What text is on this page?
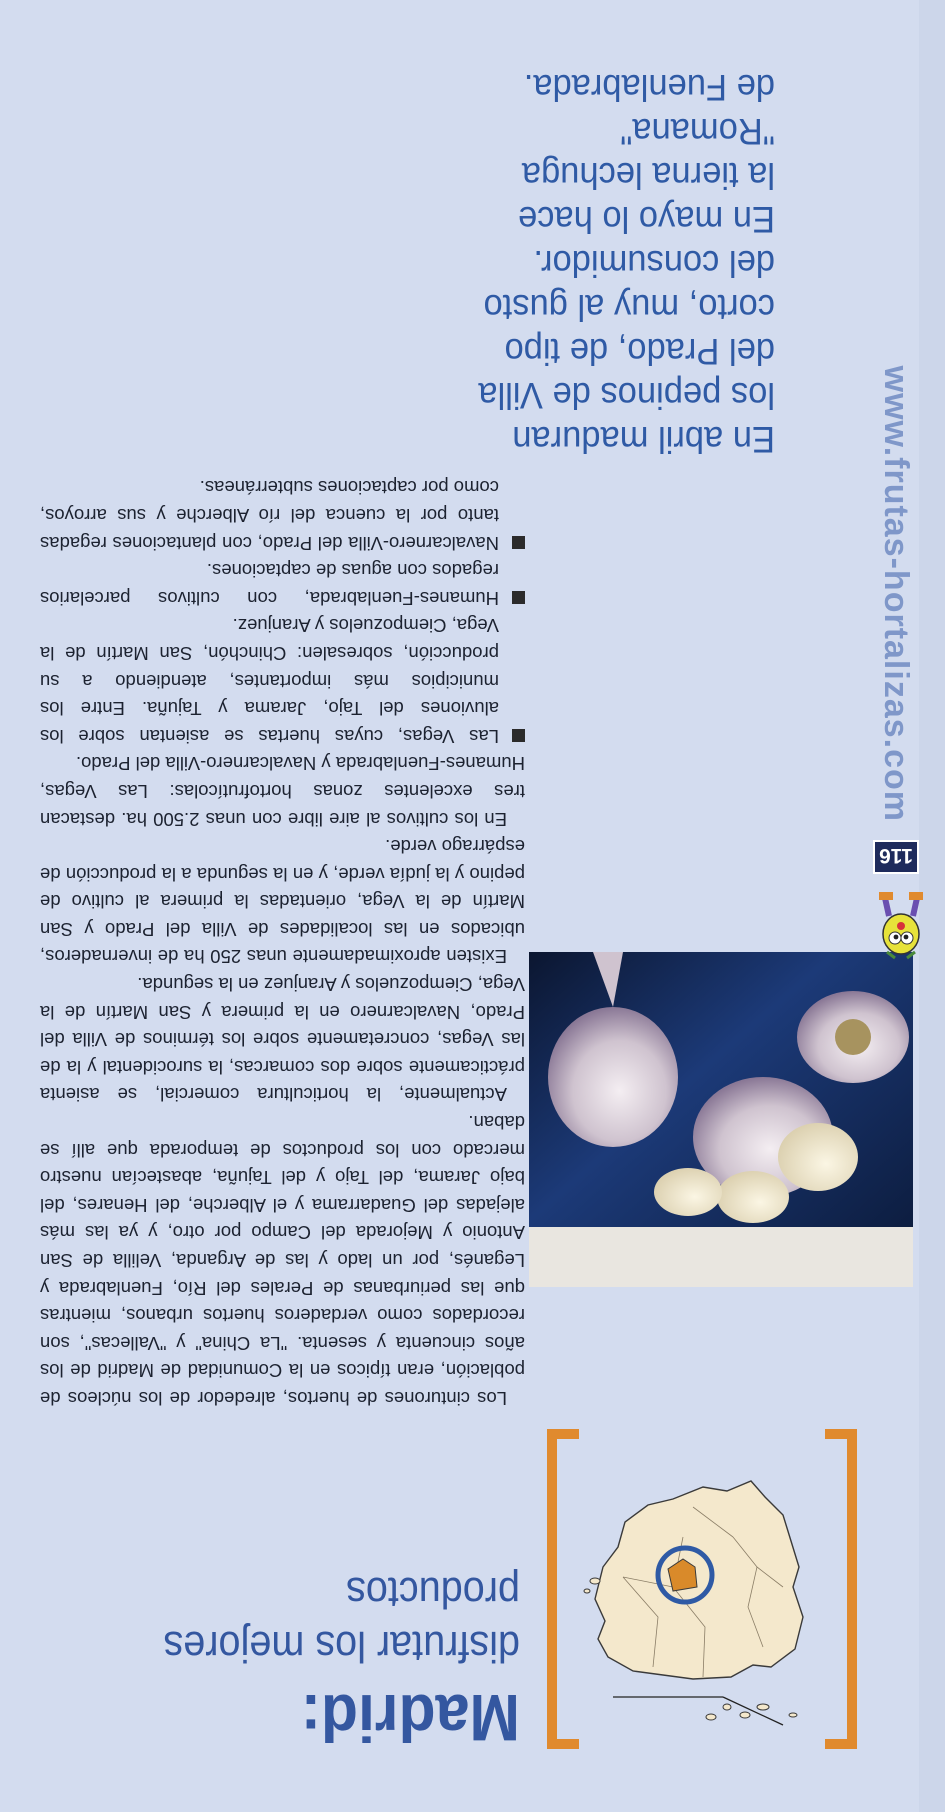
Madrid:
disfrutar los mejores
productos

Los cinturones de huertos, alrededor de los núcleos de población, eran típicos en la Comunidad de Madrid de los años cincuenta y sesenta. "La China" y "Vallecas", son recordados como verdaderos huertos urbanos, mientras que las periurbanas de Perales del Río, Fuenlabrada y Leganés, por un lado y las de Arganda, Velilla de San Antonio y Mejorada del Campo por otro, y ya las más alejadas del Guadarrama y el Alberche, del Henares, del bajo Jarama, del Tajo y del Tajuña, abastecían nuestro mercado con los productos de temporada que allí se daban.

Actualmente, la horticultura comercial, se asienta prácticamente sobre dos comarcas, la surocidental y la de las Vegas, concretamente sobre los términos de Villa del Prado, Navalcarnero en la primera y San Martín de la Vega, Ciempozuelos y Aranjuez en la segunda.

Existen aproximadamente unas 250 ha de invernaderos, ubicados en las localidades de Villa del Prado y San Martín de la Vega, orientadas la primera al cultivo de pepino y la judía verde, y en la segunda a la producción de espárrago verde.

En los cultivos al aire libre con unas 2.500 ha. destacan tres excelentes zonas hortofrutícolas: Las Vegas, Humanes-Fuenlabrada y Navalcarnero-Villa del Prado.

Las Vegas, cuyas huertas se asientan sobre los aluviones del Tajo, Jarama y Tajuña. Entre los municipios más importantes, atendiendo a su producción, sobresalen: Chinchón, San Martín de la Vega, Ciempozuelos y Aranjuez.
Humanes-Fuenlabrada, con cultivos parcelarios regados con aguas de captaciones.
Navalcarnero-Villa del Prado, con plantaciones regadas tanto por la cuenca del río Alberche y sus arroyos, como por captaciones subterráneas.
116
www.frutas-hortalizas.com
En abril maduran
los pepinos de Villa
del Prado, de tipo
corto, muy al gusto
del consumidor.
En mayo lo hace
la tierna lechuga
"Romana"
de Fuenlabrada.
